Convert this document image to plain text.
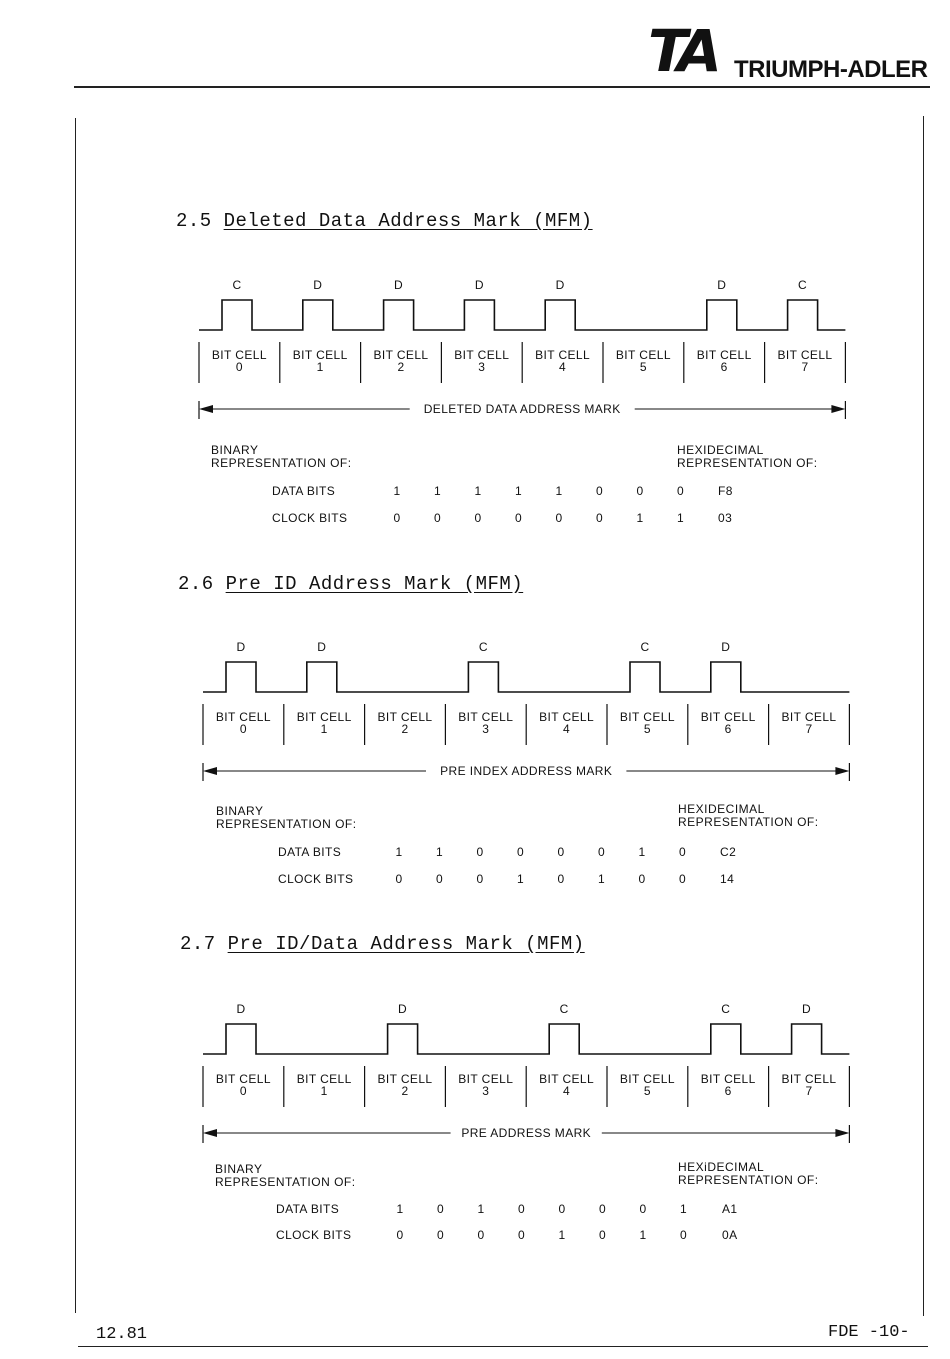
TA TRIUMPH-ADLER
2.5 Deleted Data Address Mark (MFM)
2.6 Pre ID Address Mark (MFM)
2.7 Pre ID/Data Address Mark (MFM)
C	D	D	D	D	D	C
BIT CELL
0
BIT CELL
1
BIT CELL
2
BIT CELL
3
BIT CELL
4
BIT CELL
5
BIT CELL
6
BIT CELL
7
DELETED DATA ADDRESS MARK
DATA BITS	1	1	1	1	1	0	0	0	F8
CLOCK BITS	0	0	0	0	0	0	1	1	03
D	D	C	C	D
BIT CELL
0
BIT CELL
1
BIT CELL
2
BIT CELL
3
BIT CELL
4
BIT CELL
5
BIT CELL
6
BIT CELL
7
PRE INDEX ADDRESS MARK
DATA BITS	1	1	0	0	0	0	1	0	C2
CLOCK BITS	0	0	0	1	0	1	0	0	14
D	D	C	C	D
BIT CELL
0
BIT CELL
1
BIT CELL
2
BIT CELL
3
BIT CELL
4
BIT CELL
5
BIT CELL
6
BIT CELL
7
PRE ADDRESS MARK
DATA BITS	1	0	1	0	0	0	0	1	A1
CLOCK BITS	0	0	0	0	1	0	1	0	0A
BINARY
REPRESENTATION OF:
HEXIDECIMAL
REPRESENTATION OF:
BINARY
REPRESENTATION OF:
HEXIDECIMAL
REPRESENTATION OF:
BINARY
REPRESENTATION OF:
HEXiDECIMAL
REPRESENTATION OF:
12.81	FDE -10-
